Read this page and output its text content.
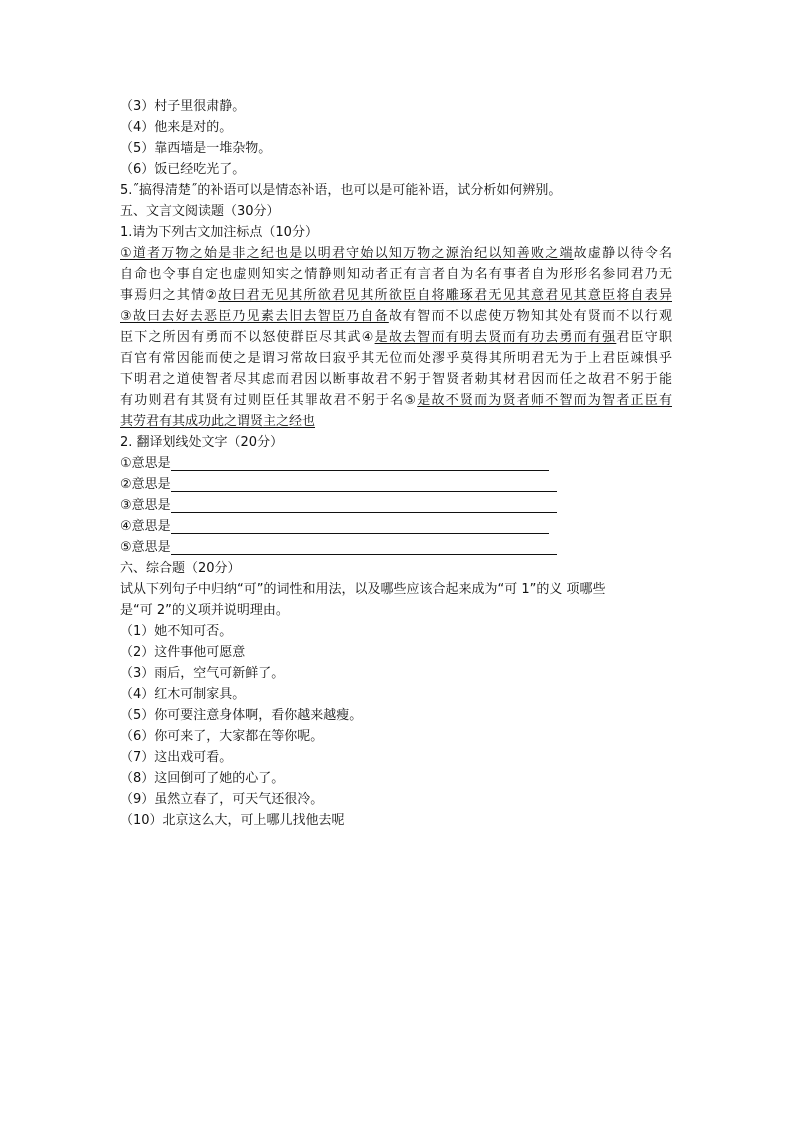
（3）村子里很肃静。
（4）他来是对的。
（5）靠西墙是一堆杂物。
（6）饭已经吃光了。
5.˝搞得清楚˝的补语可以是情态补语，也可以是可能补语，试分析如何辨别。
五、文言文阅读题（30分）
1.请为下列古文加注标点（10分）
①道者万物之始是非之纪也是以明君守始以知万物之源治纪以知善败之端故虚静以待令名
自命也令事自定也虚则知实之情静则知动者正有言者自为名有事者自为形形名参同君乃无
事焉归之其情②故曰君无见其所欲君见其所欲臣自将雕琢君无见其意君见其意臣将自表异
③故曰去好去恶臣乃见素去旧去智臣乃自备故有智而不以虑使万物知其处有贤而不以行观
臣下之所因有勇而不以怒使群臣尽其武④是故去智而有明去贤而有功去勇而有强君臣守职
百官有常因能而使之是谓习常故曰寂乎其无位而处漻乎莫得其所明君无为于上君臣竦惧乎
下明君之道使智者尽其虑而君因以断事故君不躬于智贤者勅其材君因而任之故君不躬于能
有功则君有其贤有过则臣任其罪故君不躬于名⑤是故不贤而为贤者师不智而为智者正臣有
其劳君有其成功此之谓贤主之经也
2. 翻译划线处文字（20分）
①意思是
②意思是
③意思是
④意思是
⑤意思是
六、综合题（20分）
试从下列句子中归纳“可”的词性和用法，以及哪些应该合起来成为“可 1”的义 项哪些
是“可 2”的义项并说明理由。
（1）她不知可否。
（2）这件事他可愿意
（3）雨后，空气可新鲜了。
（4）红木可制家具。
（5）你可要注意身体啊，看你越来越瘦。
（6）你可来了，大家都在等你呢。
（7）这出戏可看。
（8）这回倒可了她的心了。
（9）虽然立春了，可天气还很冷。
（10）北京这么大，可上哪儿找他去呢
